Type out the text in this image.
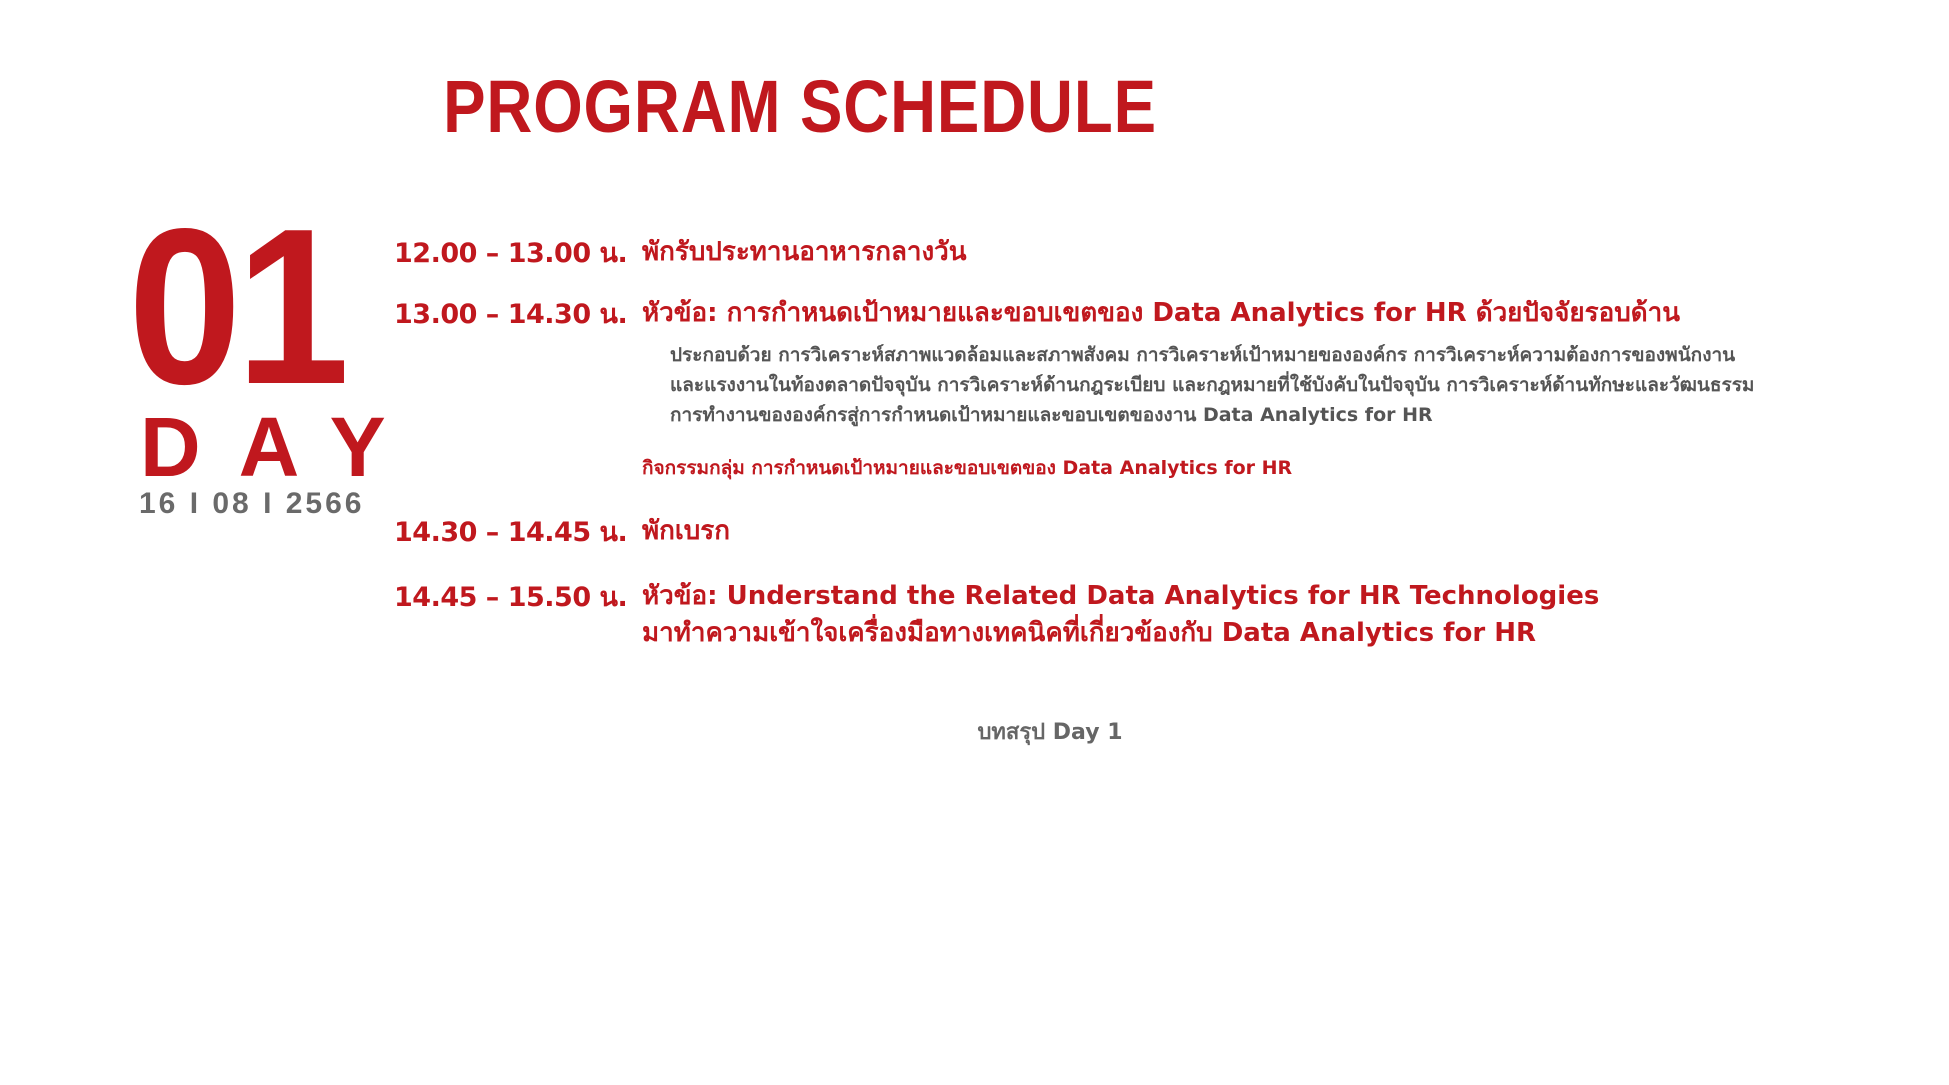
PROGRAM SCHEDULE
01
DAY
16 I 08 I 2566
12.00 – 13.00 น. พักรับประทานอาหารกลางวัน
13.00 – 14.30 น. หัวข้อ: การกำหนดเป้าหมายและขอบเขตของ Data Analytics for HR ด้วยปัจจัยรอบด้าน
ประกอบด้วย การวิเคราะห์สภาพแวดล้อมและสภาพสังคม การวิเคราะห์เป้าหมายขององค์กร การวิเคราะห์ความต้องการของพนักงาน
และแรงงานในท้องตลาดปัจจุบัน การวิเคราะห์ด้านกฎระเบียบ และกฎหมายที่ใช้บังคับในปัจจุบัน การวิเคราะห์ด้านทักษะและวัฒนธรรม
การทำงานขององค์กรสู่การกำหนดเป้าหมายและขอบเขตของงาน Data Analytics for HR
กิจกรรมกลุ่ม การกำหนดเป้าหมายและขอบเขตของ Data Analytics for HR
14.30 – 14.45 น. พักเบรก
14.45 – 15.50 น. หัวข้อ: Understand the Related Data Analytics for HR Technologies
มาทำความเข้าใจเครื่องมือทางเทคนิคที่เกี่ยวข้องกับ Data Analytics for HR
บทสรุป Day 1
